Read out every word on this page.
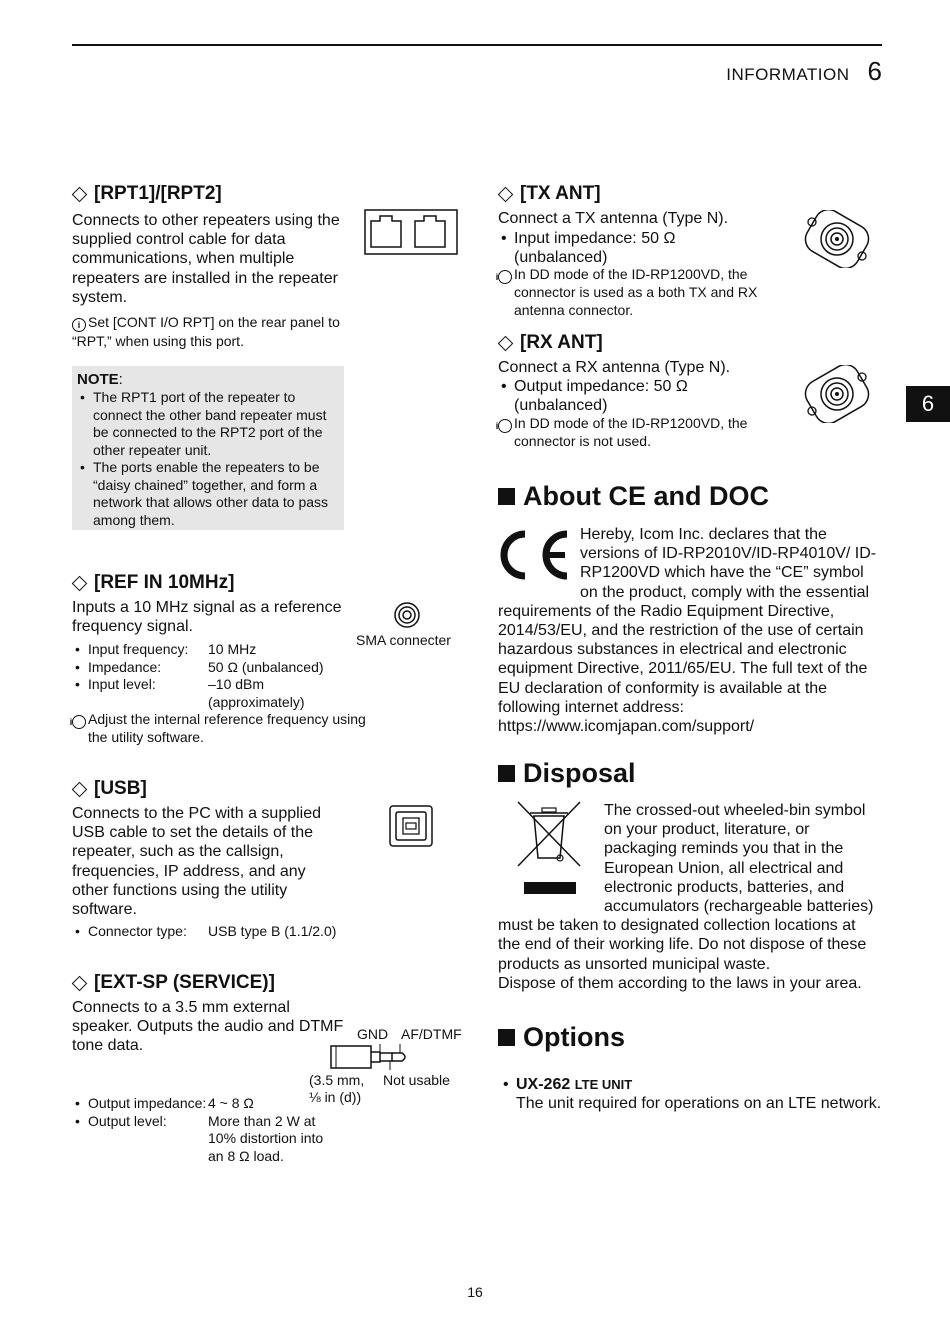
INFORMATION 6
6
[RPT1]/[RPT2]
Connects to other repeaters using the supplied control cable for data communications, when multiple repeaters are installed in the repeater system.
i Set [CONT I/O RPT] on the rear panel to “RPT,” when using this port.
NOTE:
• The RPT1 port of the repeater to connect the other band repeater must be connected to the RPT2 port of the other repeater unit.
• The ports enable the repeaters to be “daisy chained” together, and form a network that allows other data to pass among them.
[REF IN 10MHz]
Inputs a 10 MHz signal as a reference frequency signal.
• Input frequency:	10 MHz
• Impedance:	50 Ω (unbalanced)
• Input level:	–10 dBm (approximately)
i Adjust the internal reference frequency using the utility software.
SMA connecter
[USB]
Connects to the PC with a supplied USB cable to set the details of the repeater, such as the callsign, frequencies, IP address, and any other functions using the utility software.
• Connector type:	USB type B (1.1/2.0)
[EXT-SP (SERVICE)]
Connects to a 3.5 mm external speaker. Outputs the audio and DTMF tone data.
GND AF/DTMF
(3.5 mm, ⅛ in (d))
Not usable
• Output impedance: 4 ~ 8 Ω
• Output level:	More than 2 W at 10% distortion into an 8 Ω load.
[TX ANT]
Connect a TX antenna (Type N).
• Input impedance: 50 Ω (unbalanced)
i In DD mode of the ID-RP1200VD, the connector is used as a both TX and RX antenna connector.
[RX ANT]
Connect a RX antenna (Type N).
• Output impedance: 50 Ω (unbalanced)
i In DD mode of the ID-RP1200VD, the connector is not used.
About CE and DOC
Hereby, Icom Inc. declares that the versions of ID-RP2010V/ID-RP4010V/ ID-RP1200VD which have the “CE” symbol on the product, comply with the essential requirements of the Radio Equipment Directive, 2014/53/EU, and the restriction of the use of certain hazardous substances in electrical and electronic equipment Directive, 2011/65/EU. The full text of the EU declaration of conformity is available at the following internet address: https://www.icomjapan.com/support/
Disposal
The crossed-out wheeled-bin symbol on your product, literature, or packaging reminds you that in the European Union, all electrical and electronic products, batteries, and accumulators (rechargeable batteries) must be taken to designated collection locations at the end of their working life. Do not dispose of these products as unsorted municipal waste.
Dispose of them according to the laws in your area.
Options
• UX-262 LTE UNIT
The unit required for operations on an LTE network.
16
